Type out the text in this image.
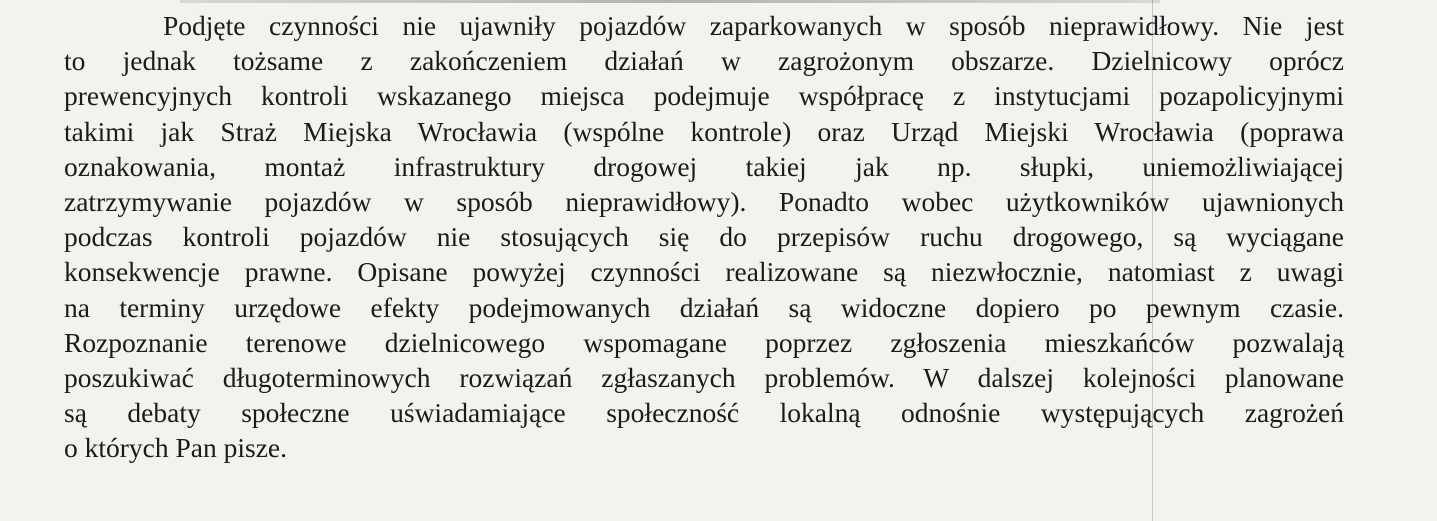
Podjęte czynności nie ujawniły pojazdów zaparkowanych w sposób nieprawidłowy. Nie jest
to jednak tożsame z zakończeniem działań w zagrożonym obszarze. Dzielnicowy oprócz
prewencyjnych kontroli wskazanego miejsca podejmuje współpracę z instytucjami pozapolicyjnymi
takimi jak Straż Miejska Wrocławia (wspólne kontrole) oraz Urząd Miejski Wrocławia (poprawa
oznakowania, montaż infrastruktury drogowej takiej jak np. słupki, uniemożliwiającej
zatrzymywanie pojazdów w sposób nieprawidłowy). Ponadto wobec użytkowników ujawnionych
podczas kontroli pojazdów nie stosujących się do przepisów ruchu drogowego, są wyciągane
konsekwencje prawne. Opisane powyżej czynności realizowane są niezwłocznie, natomiast z uwagi
na terminy urzędowe efekty podejmowanych działań są widoczne dopiero po pewnym czasie.
Rozpoznanie terenowe dzielnicowego wspomagane poprzez zgłoszenia mieszkańców pozwalają
poszukiwać długoterminowych rozwiązań zgłaszanych problemów. W dalszej kolejności planowane
są debaty społeczne uświadamiające społeczność lokalną odnośnie występujących zagrożeń
o których Pan pisze.
